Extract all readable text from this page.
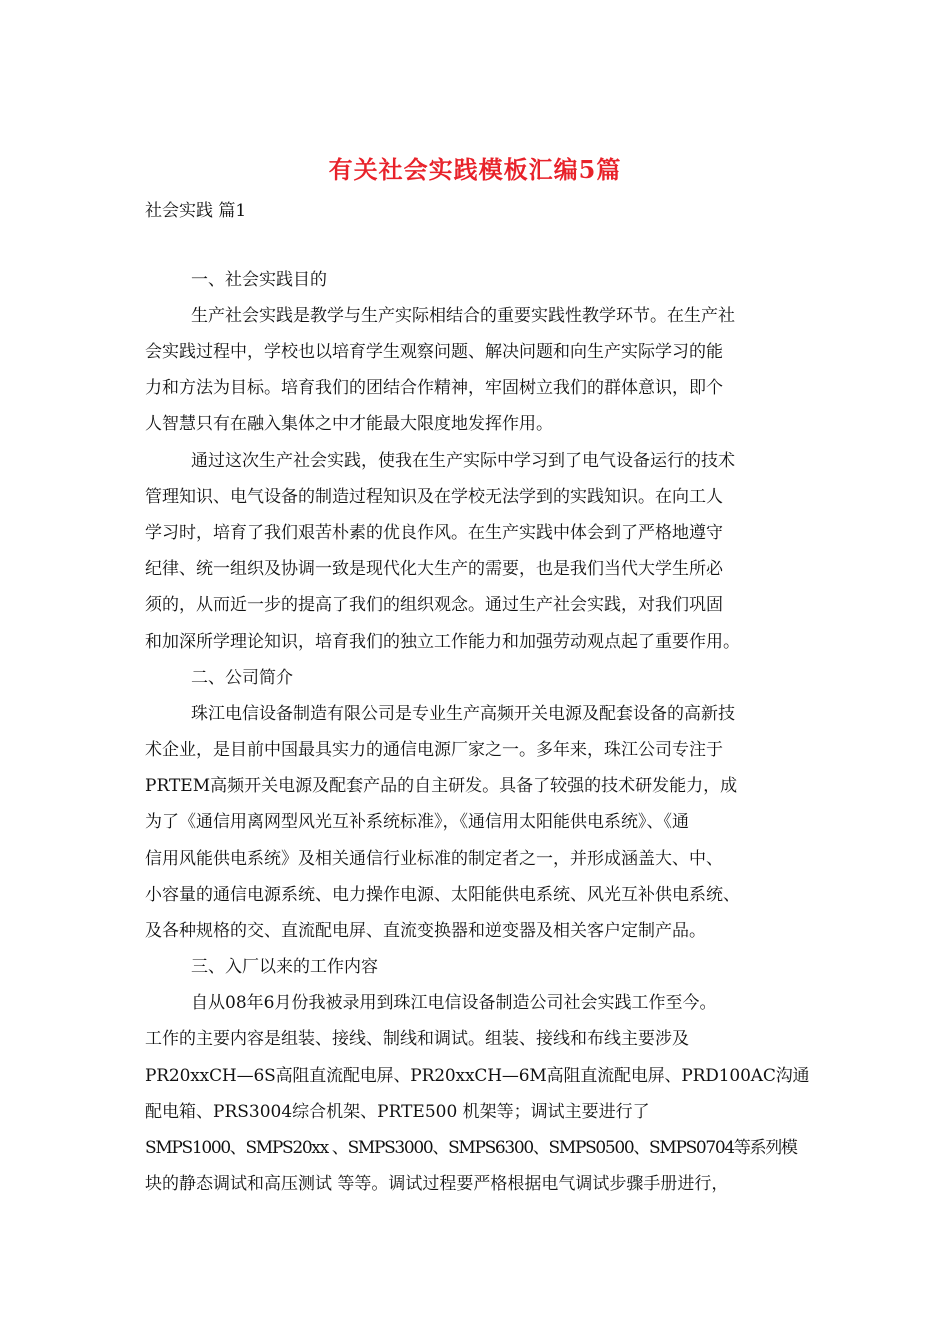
有关社会实践模板汇编5篇
社会实践 篇1
一、社会实践目的
生产社会实践是教学与生产实际相结合的重要实践性教学环节。在生产社
会实践过程中，学校也以培育学生观察问题、解决问题和向生产实际学习的能
力和方法为目标。培育我们的团结合作精神，牢固树立我们的群体意识，即个
人智慧只有在融入集体之中才能最大限度地发挥作用。
通过这次生产社会实践，使我在生产实际中学习到了电气设备运行的技术
管理知识、电气设备的制造过程知识及在学校无法学到的实践知识。在向工人
学习时，培育了我们艰苦朴素的优良作风。在生产实践中体会到了严格地遵守
纪律、统一组织及协调一致是现代化大生产的需要，也是我们当代大学生所必
须的，从而近一步的提高了我们的组织观念。通过生产社会实践，对我们巩固
和加深所学理论知识，培育我们的独立工作能力和加强劳动观点起了重要作用。
二、公司简介
珠江电信设备制造有限公司是专业生产高频开关电源及配套设备的高新技
术企业，是目前中国最具实力的通信电源厂家之一。多年来，珠江公司专注于
PRTEM高频开关电源及配套产品的自主研发。具备了较强的技术研发能力，成
为了《通信用离网型风光互补系统标准》，《通信用太阳能供电系统》、《通
信用风能供电系统》及相关通信行业标准的制定者之一，并形成涵盖大、中、
小容量的通信电源系统、电力操作电源、太阳能供电系统、风光互补供电系统、
及各种规格的交、直流配电屏、直流变换器和逆变器及相关客户定制产品。
三、入厂以来的工作内容
自从08年6月份我被录用到珠江电信设备制造公司社会实践工作至今。
工作的主要内容是组装、接线、制线和调试。组装、接线和布线主要涉及
PR20xxCH—6S高阻直流配电屏、PR20xxCH—6M高阻直流配电屏、PRD100AC沟通
配电箱、PRS3004综合机架、PRTE500 机架等；调试主要进行了
SMPS1000、SMPS20xx 、SMPS3000、SMPS6300、SMPS0500、SMPS0704等系列模
块的静态调试和高压测试 等等。调试过程要严格根据电气调试步骤手册进行，
